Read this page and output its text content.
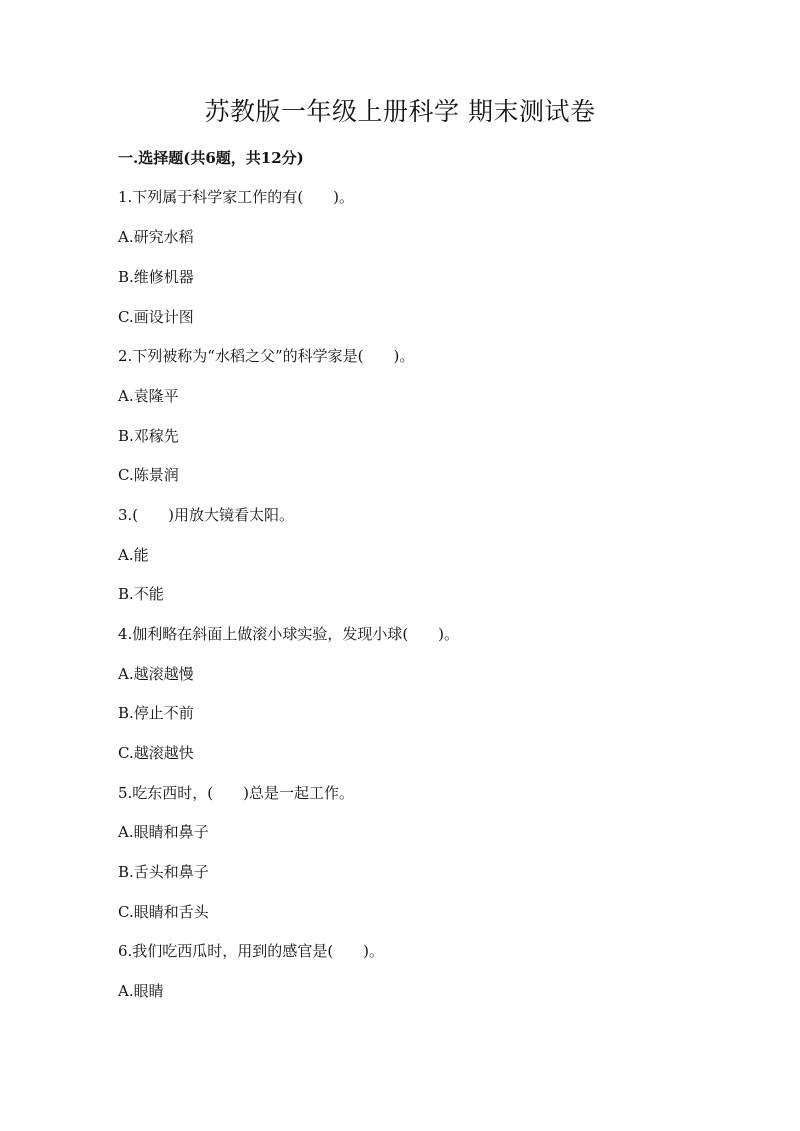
苏教版一年级上册科学 期末测试卷
一.选择题(共6题，共12分)
1.下列属于科学家工作的有(　　)。
A.研究水稻
B.维修机器
C.画设计图
2.下列被称为“水稻之父”的科学家是(　　)。
A.袁隆平
B.邓稼先
C.陈景润
3.(　　)用放大镜看太阳。
A.能
B.不能
4.伽利略在斜面上做滚小球实验，发现小球(　　)。
A.越滚越慢
B.停止不前
C.越滚越快
5.吃东西时，(　　)总是一起工作。
A.眼睛和鼻子
B.舌头和鼻子
C.眼睛和舌头
6.我们吃西瓜时，用到的感官是(　　)。
A.眼睛
